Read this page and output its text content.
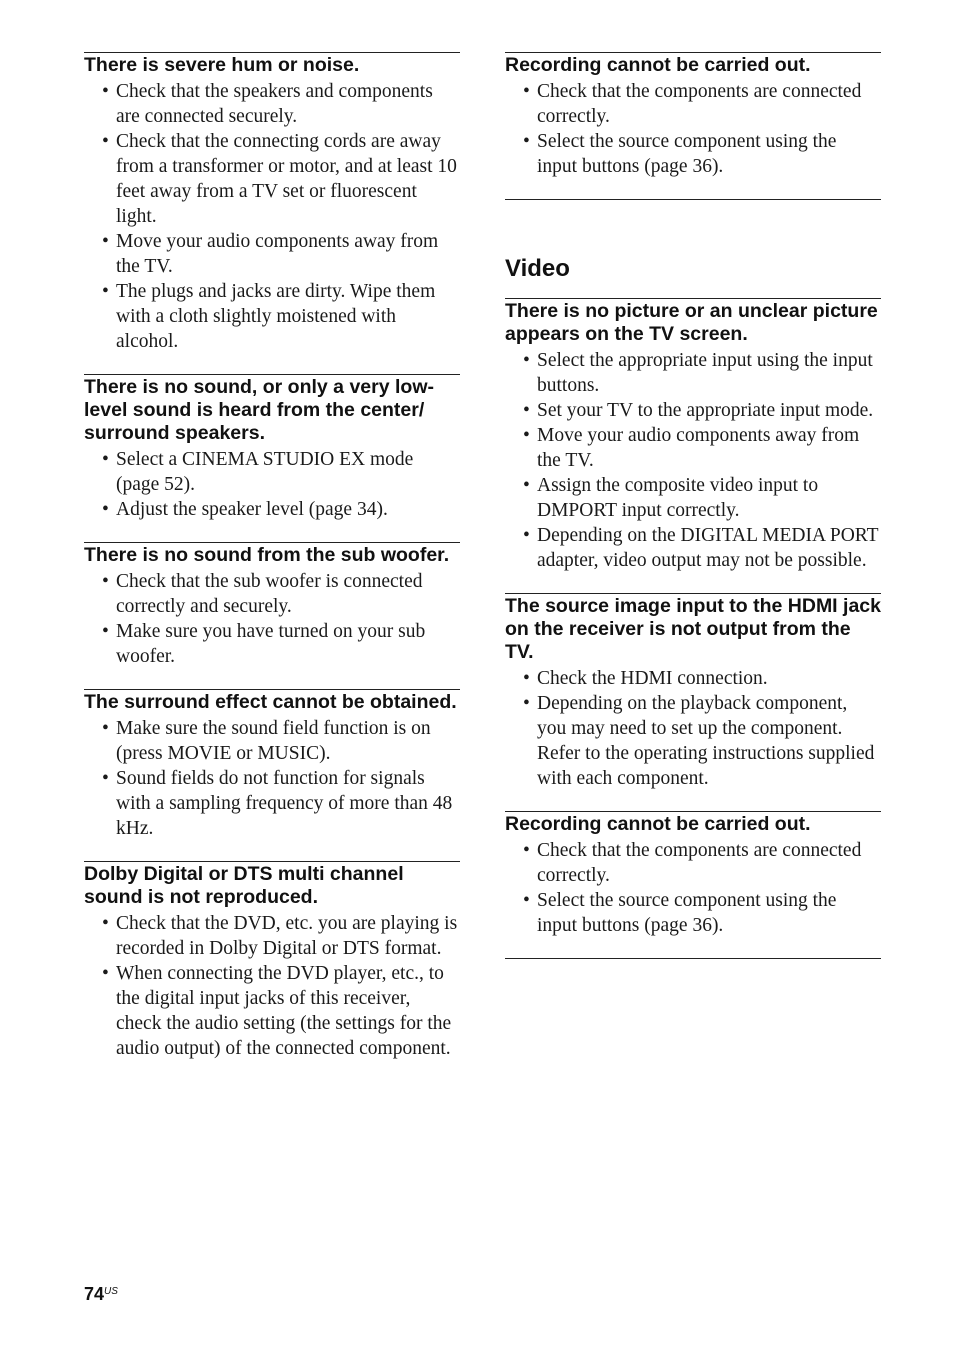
There is severe hum or noise.
• Check that the speakers and components are connected securely.
• Check that the connecting cords are away from a transformer or motor, and at least 10 feet away from a TV set or fluorescent light.
• Move your audio components away from the TV.
• The plugs and jacks are dirty. Wipe them with a cloth slightly moistened with alcohol.
There is no sound, or only a very low-level sound is heard from the center/ surround speakers.
• Select a CINEMA STUDIO EX mode (page 52).
• Adjust the speaker level (page 34).
There is no sound from the sub woofer.
• Check that the sub woofer is connected correctly and securely.
• Make sure you have turned on your sub woofer.
The surround effect cannot be obtained.
• Make sure the sound field function is on (press MOVIE or MUSIC).
• Sound fields do not function for signals with a sampling frequency of more than 48 kHz.
Dolby Digital or DTS multi channel sound is not reproduced.
• Check that the DVD, etc. you are playing is recorded in Dolby Digital or DTS format.
• When connecting the DVD player, etc., to the digital input jacks of this receiver, check the audio setting (the settings for the audio output) of the connected component.
Recording cannot be carried out.
• Check that the components are connected correctly.
• Select the source component using the input buttons (page 36).
Video
There is no picture or an unclear picture appears on the TV screen.
• Select the appropriate input using the input buttons.
• Set your TV to the appropriate input mode.
• Move your audio components away from the TV.
• Assign the composite video input to DMPORT input correctly.
• Depending on the DIGITAL MEDIA PORT adapter, video output may not be possible.
The source image input to the HDMI jack on the receiver is not output from the TV.
• Check the HDMI connection.
• Depending on the playback component, you may need to set up the component. Refer to the operating instructions supplied with each component.
Recording cannot be carried out.
• Check that the components are connected correctly.
• Select the source component using the input buttons (page 36).
$74^{US}$
